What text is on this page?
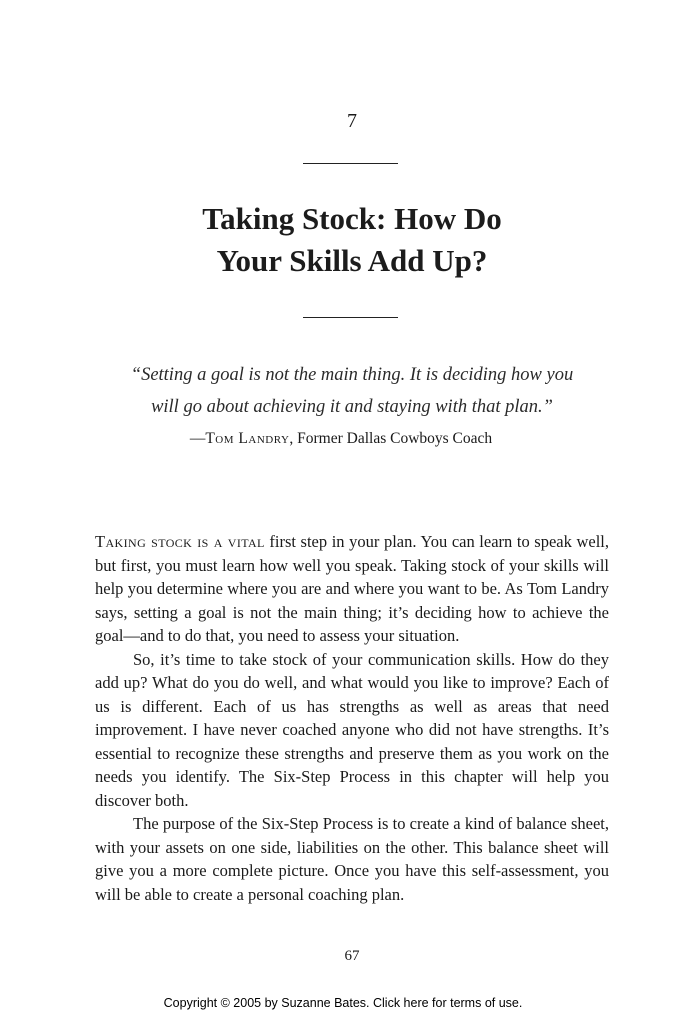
7
Taking Stock: How Do
Your Skills Add Up?
“Setting a goal is not the main thing. It is deciding how you
will go about achieving it and staying with that plan.”
—Tom Landry, Former Dallas Cowboys Coach

Taking stock is a vital first step in your plan. You can learn to speak well, but first, you must learn how well you speak. Taking stock of your skills will help you determine where you are and where you want to be. As Tom Landry says, setting a goal is not the main thing; it’s deciding how to achieve the goal—and to do that, you need to assess your situation.

So, it’s time to take stock of your communication skills. How do they add up? What do you do well, and what would you like to improve? Each of us is different. Each of us has strengths as well as areas that need improvement. I have never coached anyone who did not have strengths. It’s essential to recognize these strengths and preserve them as you work on the needs you identify. The Six-Step Process in this chapter will help you discover both.

The purpose of the Six-Step Process is to create a kind of balance sheet, with your assets on one side, liabilities on the other. This balance sheet will give you a more complete picture. Once you have this self-assessment, you will be able to create a personal coaching plan.

67
Copyright © 2005 by Suzanne Bates. Click here for terms of use.
